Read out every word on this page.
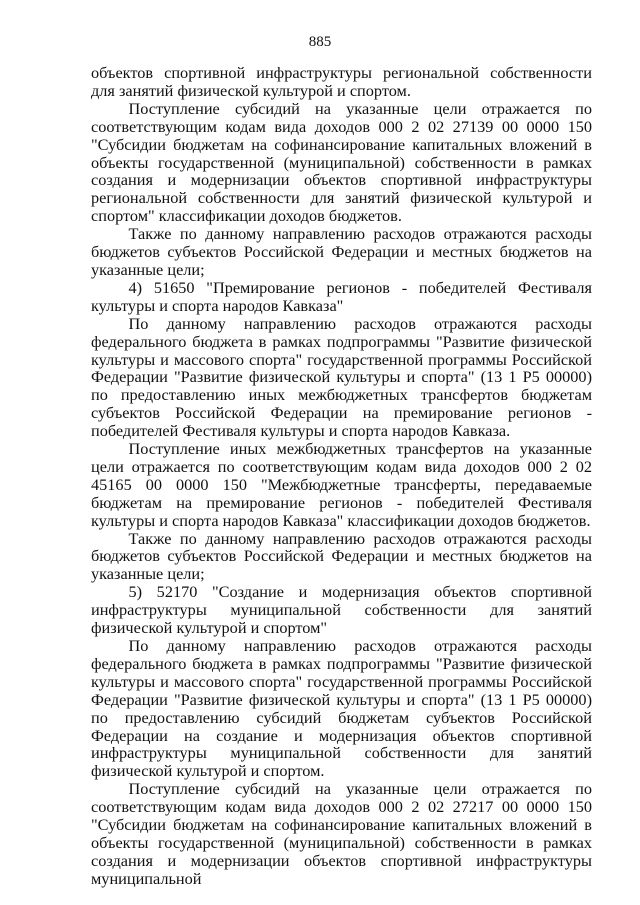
885

объектов спортивной инфраструктуры региональной собственности для занятий физической культурой и спортом.

Поступление субсидий на указанные цели отражается по соответствующим кодам вида доходов 000 2 02 27139 00 0000 150 "Субсидии бюджетам на софинансирование капитальных вложений в объекты государственной (муниципальной) собственности в рамках создания и модернизации объектов спортивной инфраструктуры региональной собственности для занятий физической культурой и спортом" классификации доходов бюджетов.

Также по данному направлению расходов отражаются расходы бюджетов субъектов Российской Федерации и местных бюджетов на указанные цели;

4) 51650 "Премирование регионов - победителей Фестиваля культуры и спорта народов Кавказа"

По данному направлению расходов отражаются расходы федерального бюджета в рамках подпрограммы "Развитие физической культуры и массового спорта" государственной программы Российской Федерации "Развитие физической культуры и спорта" (13 1 Р5 00000) по предоставлению иных межбюджетных трансфертов бюджетам субъектов Российской Федерации на премирование регионов - победителей Фестиваля культуры и спорта народов Кавказа.

Поступление иных межбюджетных трансфертов на указанные цели отражается по соответствующим кодам вида доходов 000 2 02 45165 00 0000 150 "Межбюджетные трансферты, передаваемые бюджетам на премирование регионов - победителей Фестиваля культуры и спорта народов Кавказа" классификации доходов бюджетов.

Также по данному направлению расходов отражаются расходы бюджетов субъектов Российской Федерации и местных бюджетов на указанные цели;

5) 52170 "Создание и модернизация объектов спортивной инфраструктуры муниципальной собственности для занятий физической культурой и спортом"

По данному направлению расходов отражаются расходы федерального бюджета в рамках подпрограммы "Развитие физической культуры и массового спорта" государственной программы Российской Федерации "Развитие физической культуры и спорта" (13 1 Р5 00000) по предоставлению субсидий бюджетам субъектов Российской Федерации на создание и модернизация объектов спортивной инфраструктуры муниципальной собственности для занятий физической культурой и спортом.

Поступление субсидий на указанные цели отражается по соответствующим кодам вида доходов 000 2 02 27217 00 0000 150 "Субсидии бюджетам на софинансирование капитальных вложений в объекты государственной (муниципальной) собственности в рамках создания и модернизации объектов спортивной инфраструктуры муниципальной
